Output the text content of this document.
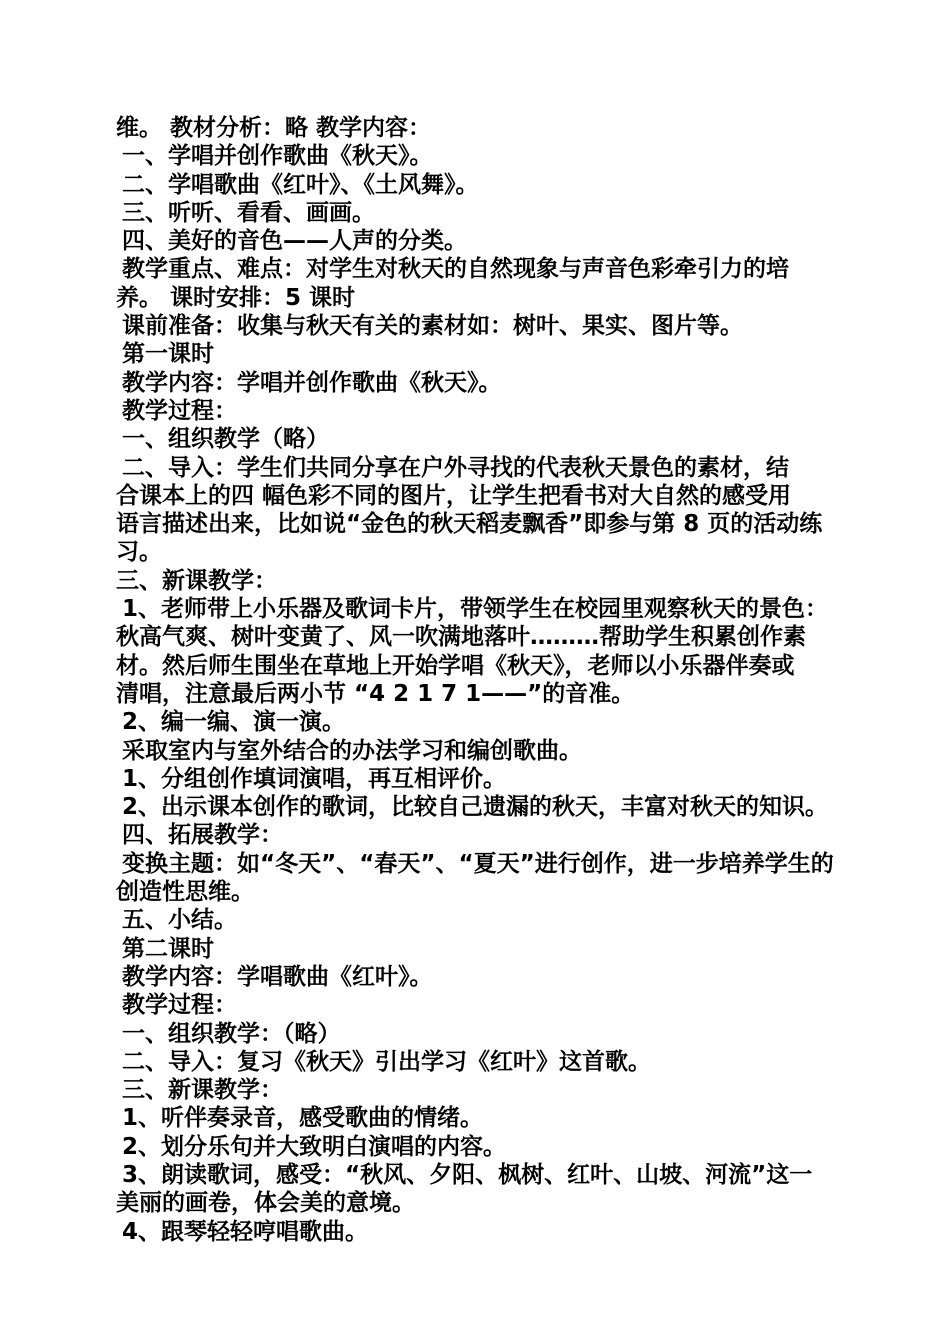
维。 教材分析：略 教学内容：
一、学唱并创作歌曲《秋天》。
二、学唱歌曲《红叶》、《土风舞》。
三、听听、看看、画画。
四、美好的音色——人声的分类。
教学重点、难点：对学生对秋天的自然现象与声音色彩牵引力的培
养。 课时安排：5 课时
课前准备：收集与秋天有关的素材如：树叶、果实、图片等。
第一课时
教学内容：学唱并创作歌曲《秋天》。
教学过程：
一、组织教学（略）
二、导入：学生们共同分享在户外寻找的代表秋天景色的素材，结
合课本上的四 幅色彩不同的图片，让学生把看书对大自然的感受用
语言描述出来，比如说“金色的秋天稻麦飘香”即参与第 8 页的活动练
习。
三、新课教学：
1、老师带上小乐器及歌词卡片，带领学生在校园里观察秋天的景色：
秋高气爽、树叶变黄了、风一吹满地落叶………帮助学生积累创作素
材。然后师生围坐在草地上开始学唱《秋天》，老师以小乐器伴奏或
清唱，注意最后两小节 “4 2 1 7 1——”的音准。
2、编一编、演一演。
采取室内与室外结合的办法学习和编创歌曲。
1、分组创作填词演唱，再互相评价。
2、出示课本创作的歌词，比较自己遗漏的秋天，丰富对秋天的知识。
四、拓展教学：
变换主题：如“冬天”、“春天”、“夏天”进行创作，进一步培养学生的
创造性思维。
五、小结。
第二课时
教学内容：学唱歌曲《红叶》。
教学过程：
一、组织教学：（略）
二、导入：复习《秋天》引出学习《红叶》这首歌。
三、新课教学：
1、听伴奏录音，感受歌曲的情绪。
2、划分乐句并大致明白演唱的内容。
3、朗读歌词，感受：“秋风、夕阳、枫树、红叶、山坡、河流”这一
美丽的画卷，体会美的意境。
4、跟琴轻轻哼唱歌曲。
